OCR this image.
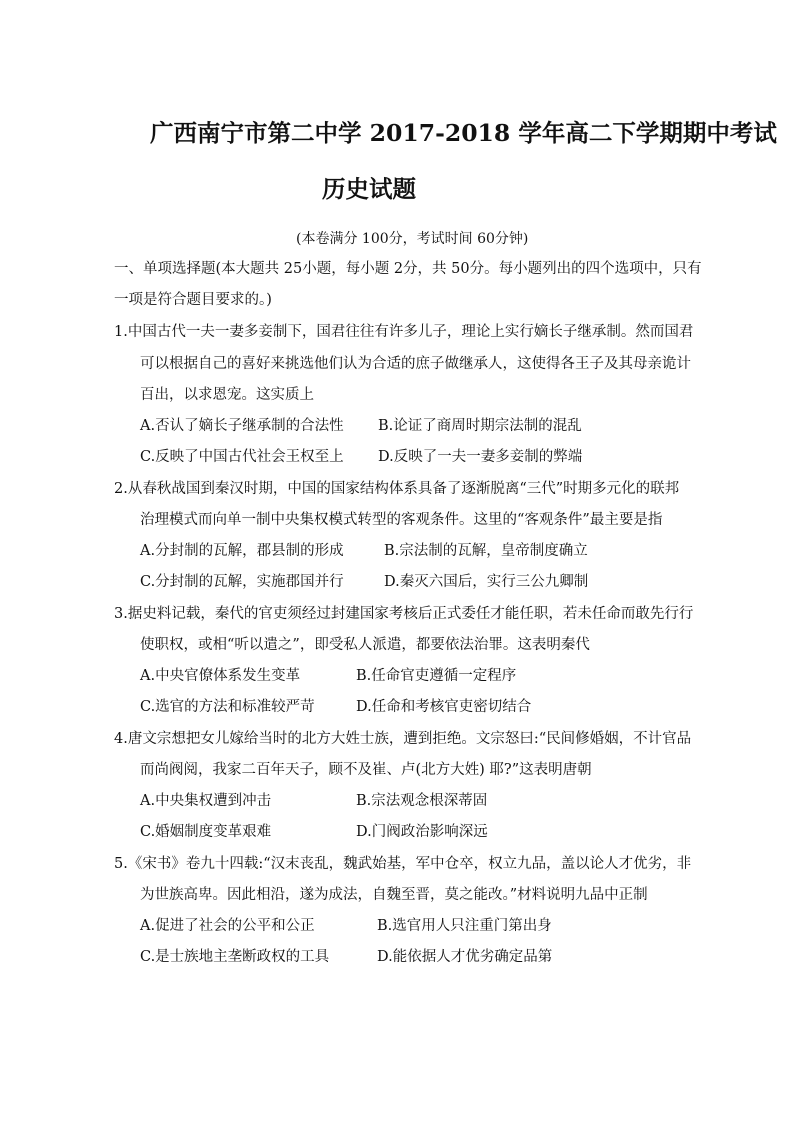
广西南宁市第二中学 2017-2018 学年高二下学期期中考试
历史试题
(本卷满分 100分，考试时间 60分钟)
一、单项选择题(本大题共 25小题，每小题 2分，共 50分。每小题列出的四个选项中，只有
一项是符合题目要求的。)
1.中国古代一夫一妻多妾制下，国君往往有许多儿子，理论上实行嫡长子继承制。然而国君
可以根据自己的喜好来挑选他们认为合适的庶子做继承人，这使得各王子及其母亲诡计
百出，以求恩宠。这实质上
A.否认了嫡长子继承制的合法性 B.论证了商周时期宗法制的混乱
C.反映了中国古代社会王权至上 D.反映了一夫一妻多妾制的弊端
2.从春秋战国到秦汉时期，中国的国家结构体系具备了逐渐脱离“三代”时期多元化的联邦
治理模式而向单一制中央集权模式转型的客观条件。这里的“客观条件”最主要是指
A.分封制的瓦解，郡县制的形成	B.宗法制的瓦解，皇帝制度确立
C.分封制的瓦解，实施郡国并行	D.秦灭六国后，实行三公九卿制
3.据史料记载，秦代的官吏须经过封建国家考核后正式委任才能任职，若未任命而敢先行行
使职权，或相“听以遣之”，即受私人派遣，都要依法治罪。这表明秦代
A.中央官僚体系发生变革	B.任命官吏遵循一定程序
C.选官的方法和标准较严苛	D.任命和考核官吏密切结合
4.唐文宗想把女儿嫁给当时的北方大姓士族，遭到拒绝。文宗怒曰:“民间修婚姻，不计官品
而尚阀阅，我家二百年天子，顾不及崔、卢(北方大姓) 耶?”这表明唐朝
A.中央集权遭到冲击	B.宗法观念根深蒂固
C.婚姻制度变革艰难	D.门阀政治影响深远
5.《宋书》卷九十四载:“汉末丧乱，魏武始基，军中仓卒，权立九品，盖以论人才优劣，非
为世族高卑。因此相沿，遂为成法，自魏至晋，莫之能改。”材料说明九品中正制
A.促进了社会的公平和公正	B.选官用人只注重门第出身
C.是士族地主垄断政权的工具	D.能依据人才优劣确定品第
